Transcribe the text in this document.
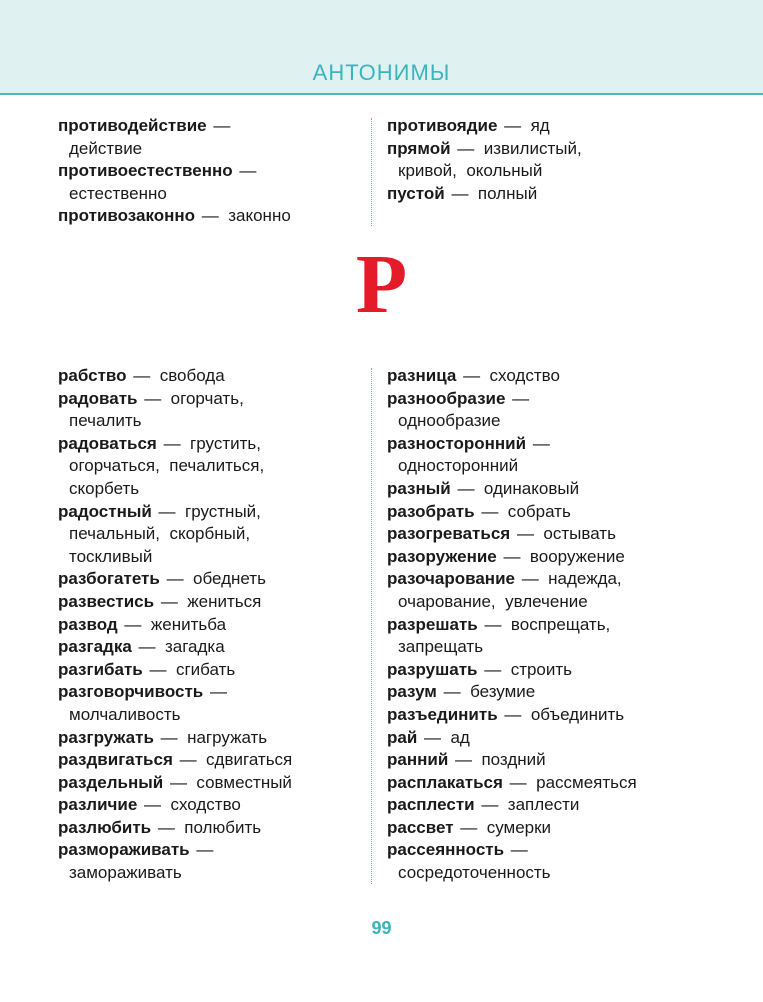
АНТОНИМЫ
противодействие —
действие
противоестественно —
естественно
противозаконно —  законно
противоядие —  яд
прямой —  извилистый,
кривой,  окольный
пустой —  полный
Р
рабство —  свобода
радовать —  огорчать,
печалить
радоваться —  грустить,
огорчаться,  печалиться,
скорбеть
радостный —  грустный,
печальный,  скорбный,
тоскливый
разбогатеть —  обеднеть
развестись —  жениться
развод —  женитьба
разгадка —  загадка
разгибать —  сгибать
разговорчивость —
молчаливость
разгружать —  нагружать
раздвигаться —  сдвигаться
раздельный —  совместный
различие —  сходство
разлюбить —  полюбить
размораживать —
замораживать
разница —  сходство
разнообразие —
однообразие
разносторонний —
односторонний
разный —  одинаковый
разобрать —  собрать
разогреваться —  остывать
разоружение —  вооружение
разочарование —  надежда,
очарование,  увлечение
разрешать —  воспрещать,
запрещать
разрушать —  строить
разум —  безумие
разъединить —  объединить
рай —  ад
ранний —  поздний
расплакаться —  рассмеяться
расплести —  заплести
рассвет —  сумерки
рассеянность —
сосредоточенность
99
